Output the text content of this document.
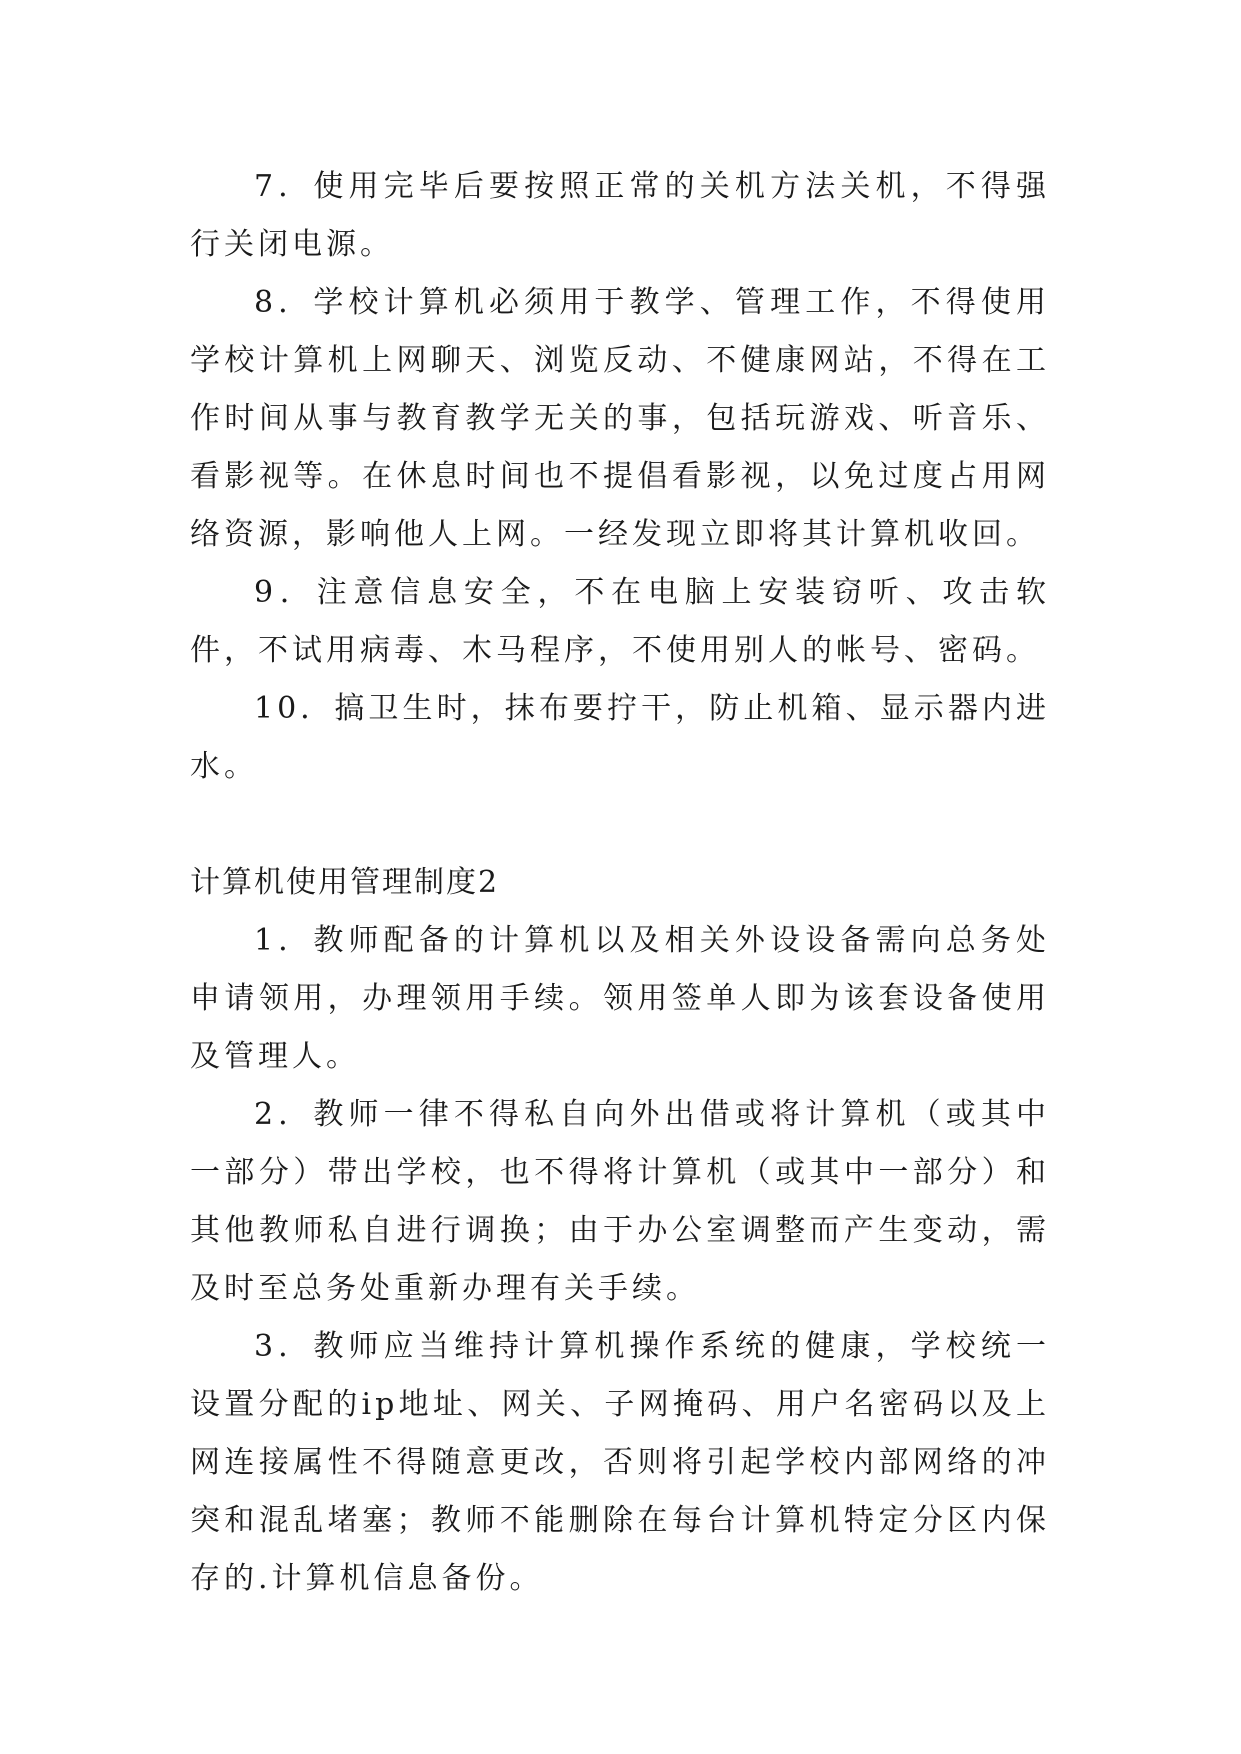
7．使用完毕后要按照正常的关机方法关机，不得强行关闭电源。

8．学校计算机必须用于教学、管理工作，不得使用学校计算机上网聊天、浏览反动、不健康网站，不得在工作时间从事与教育教学无关的事，包括玩游戏、听音乐、看影视等。在休息时间也不提倡看影视，以免过度占用网络资源，影响他人上网。一经发现立即将其计算机收回。

9．注意信息安全，不在电脑上安装窃听、攻击软件，不试用病毒、木马程序，不使用别人的帐号、密码。

10．搞卫生时，抹布要拧干，防止机箱、显示器内进水。

计算机使用管理制度2

1．教师配备的计算机以及相关外设设备需向总务处申请领用，办理领用手续。领用签单人即为该套设备使用及管理人。

2．教师一律不得私自向外出借或将计算机（或其中一部分）带出学校，也不得将计算机（或其中一部分）和其他教师私自进行调换；由于办公室调整而产生变动，需及时至总务处重新办理有关手续。

3．教师应当维持计算机操作系统的健康，学校统一设置分配的ip地址、网关、子网掩码、用户名密码以及上网连接属性不得随意更改，否则将引起学校内部网络的冲突和混乱堵塞；教师不能删除在每台计算机特定分区内保存的.计算机信息备份。
